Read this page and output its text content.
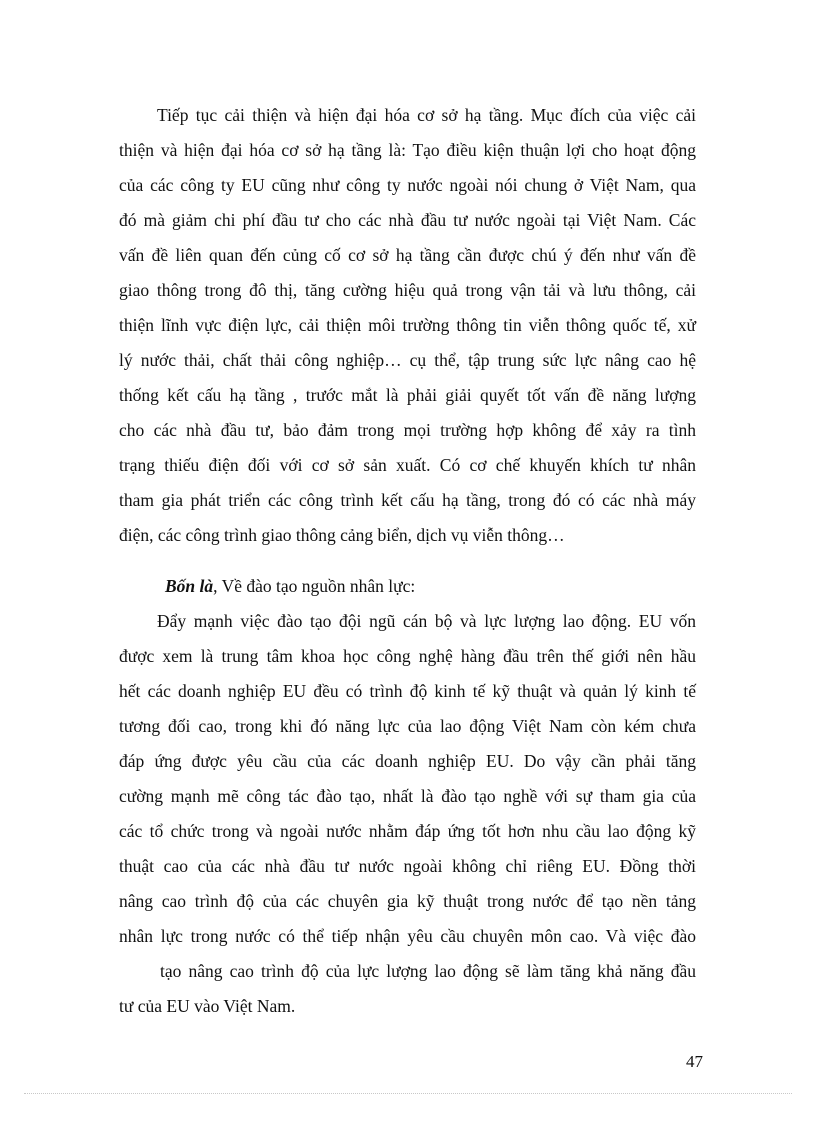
Tiếp tục cải thiện và hiện đại hóa cơ sở hạ tầng. Mục đích của việc cải
thiện và hiện đại hóa cơ sở hạ tầng là: Tạo điều kiện thuận lợi cho hoạt động
của các công ty EU cũng như công ty nước ngoài nói chung ở Việt Nam, qua
đó mà giảm chi phí đầu tư cho các nhà đầu tư nước ngoài tại Việt Nam. Các
vấn đề liên quan đến củng cố cơ sở hạ tầng cần được chú ý đến như vấn đề
giao thông trong đô thị, tăng cường hiệu quả trong vận tải và lưu thông, cải
thiện lĩnh vực điện lực, cải thiện môi trường thông tin viễn thông quốc tế, xử
lý nước thải, chất thải công nghiệp… cụ thể, tập trung sức lực nâng cao hệ
thống kết cấu hạ tầng , trước mắt là phải giải quyết tốt vấn đề năng lượng
cho các nhà đầu tư, bảo đảm trong mọi trường hợp không để xảy ra tình
trạng thiếu điện đối với cơ sở sản xuất. Có cơ chế khuyến khích tư nhân
tham gia phát triển các công trình kết cấu hạ tầng, trong đó có các nhà máy
điện, các công trình giao thông cảng biển, dịch vụ viễn thông…
Bốn là, Về đào tạo nguồn nhân lực:
Đẩy mạnh việc đào tạo đội ngũ cán bộ và lực lượng lao động. EU vốn
được xem là trung tâm khoa học công nghệ hàng đầu trên thế giới nên hầu
hết các doanh nghiệp EU đều có trình độ kinh tế kỹ thuật và quản lý kinh tế
tương đối cao, trong khi đó năng lực của lao động Việt Nam còn kém chưa
đáp ứng được yêu cầu của các doanh nghiệp EU. Do vậy cần phải tăng
cường mạnh mẽ công tác đào tạo, nhất là đào tạo nghề với sự tham gia của
các tổ chức trong và ngoài nước nhằm đáp ứng tốt hơn nhu cầu lao động kỹ
thuật cao của các nhà đầu tư nước ngoài không chỉ riêng EU. Đồng thời
nâng cao trình độ của các chuyên gia kỹ thuật trong nước để tạo nền tảng
nhân lực trong nước có thể tiếp nhận yêu cầu chuyên môn cao. Và việc đào
tạo nâng cao trình độ của lực lượng lao động sẽ làm tăng khả năng đầu
tư của EU vào Việt Nam.
47
